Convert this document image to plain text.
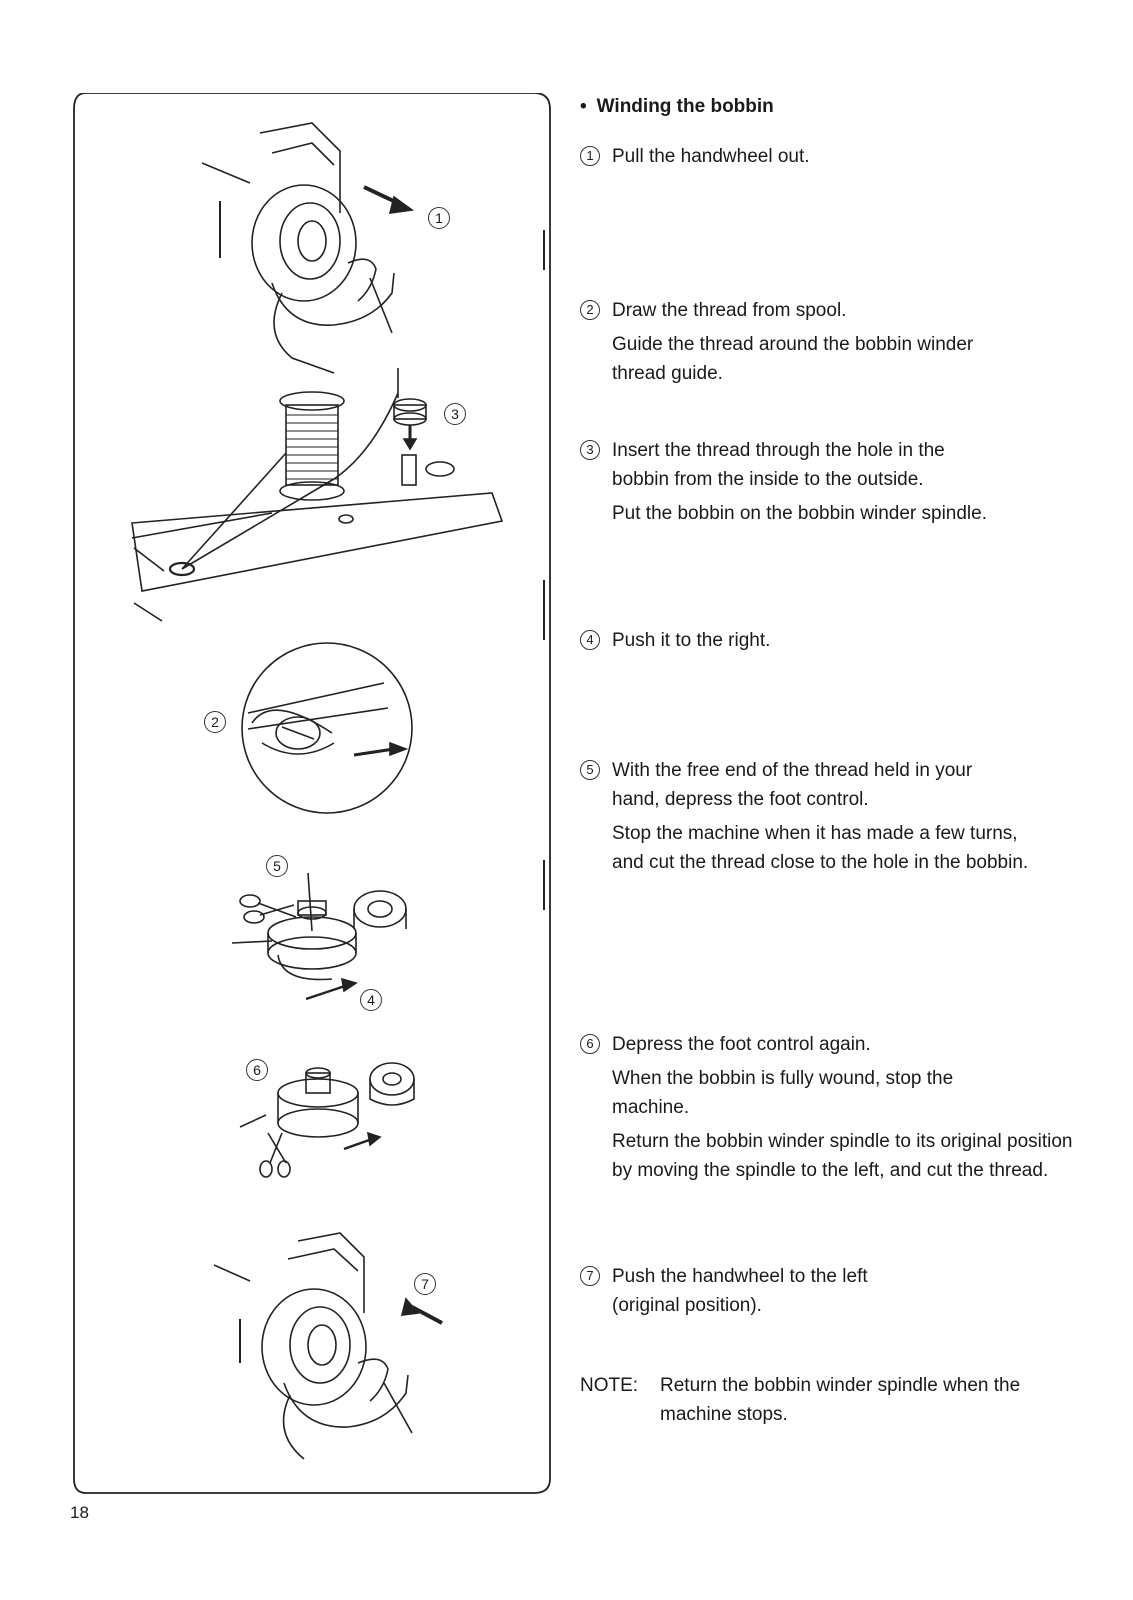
1
3
2
5
4
6
7
• Winding the bobbin
1 Pull the handwheel out.
2 Draw the thread from spool.
Guide the thread around the bobbin winder thread guide.
3 Insert the thread through the hole in the
bobbin from the inside to the outside.
Put the bobbin on the bobbin winder spindle.
4 Push it to the right.
5 With the free end of the thread held in your
hand, depress the foot control.
Stop the machine when it has made a few turns, and cut the thread close to the hole in the bobbin.
6 Depress the foot control again.
When the bobbin is fully wound, stop the machine.
Return the bobbin winder spindle to its original position by moving the spindle to the left, and cut the thread.
7 Push the handwheel to the left
(original position).
NOTE: Return the bobbin winder spindle when the machine stops.
18
